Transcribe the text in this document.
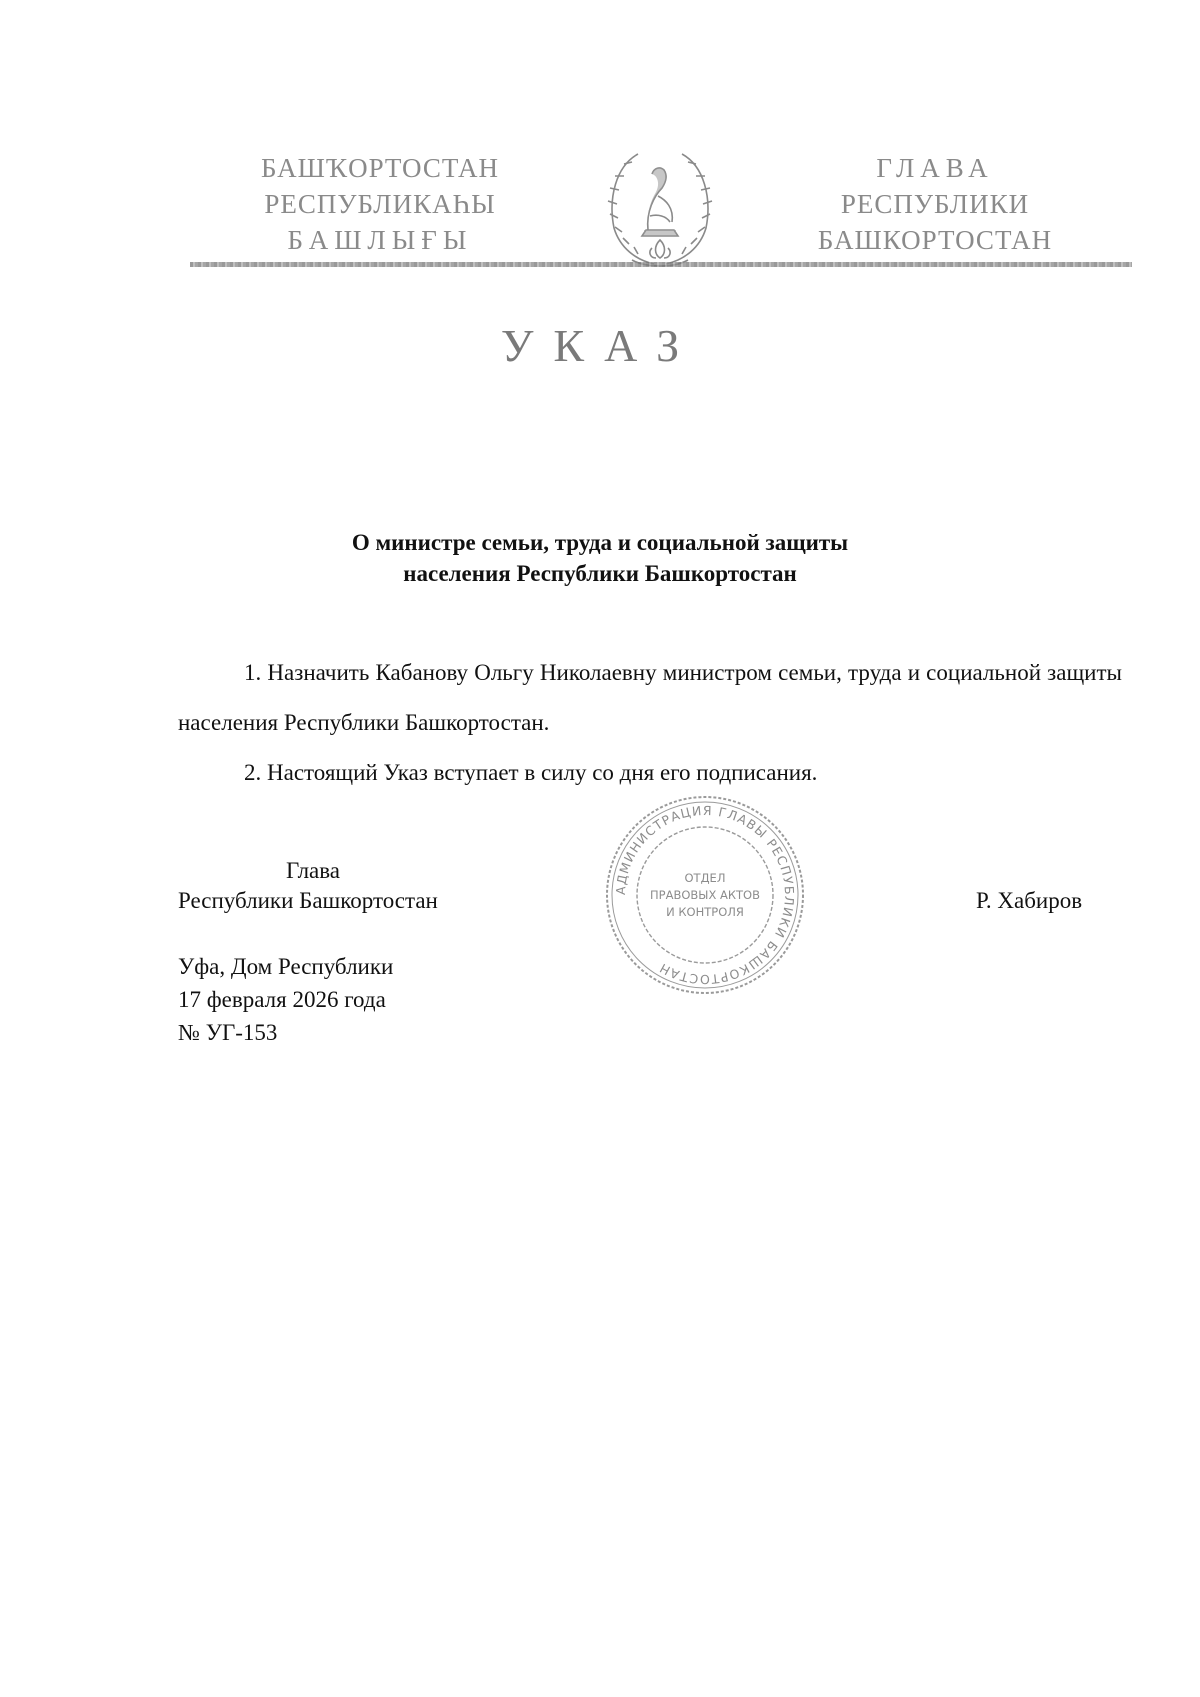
БАШҠОРТОСТАН
РЕСПУБЛИКАҺЫ
БАШЛЫҒЫ
ГЛАВА
РЕСПУБЛИКИ
БАШКОРТОСТАН
УКАЗ
О министре семьи, труда и социальной защиты
населения Республики Башкортостан

1. Назначить Кабанову Ольгу Николаевну министром семьи, труда и социальной защиты населения Республики Башкортостан.

2. Настоящий Указ вступает в силу со дня его подписания.

АДМИНИСТРАЦИЯ ГЛАВЫ РЕСПУБЛИКИ БАШКОРТОСТАН
ОТДЕЛ
ПРАВОВЫХ АКТОВ
И КОНТРОЛЯ
Глава
Республики Башкортостан	Р. Хабиров
Уфа, Дом Республики
17 февраля 2026 года
№ УГ-153
